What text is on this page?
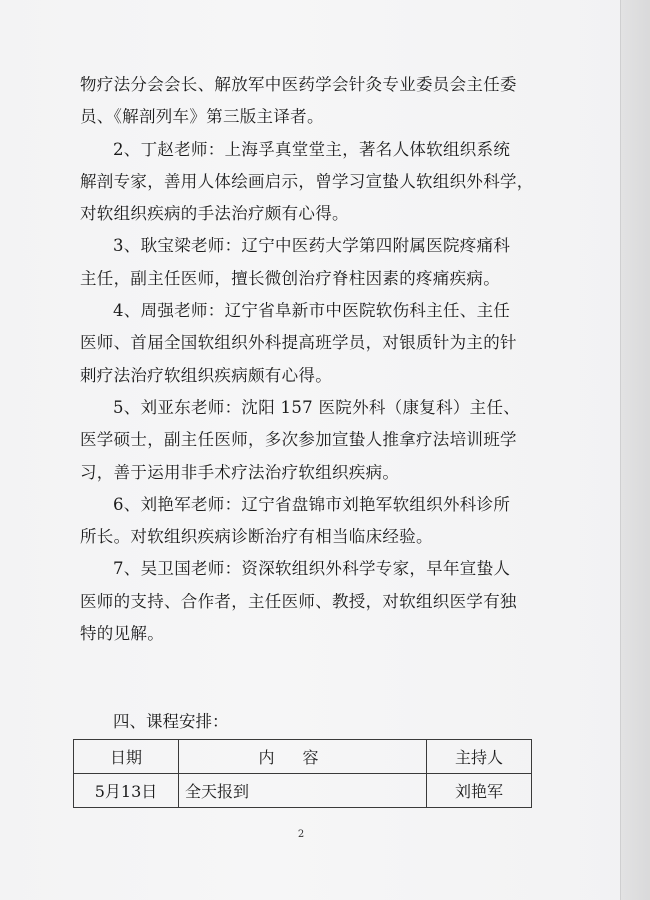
物疗法分会会长、解放军中医药学会针灸专业委员会主任委
员、《解剖列车》第三版主译者。

2、丁赵老师：上海孚真堂堂主，著名人体软组织系统
解剖专家，善用人体绘画启示，曾学习宣蛰人软组织外科学，
对软组织疾病的手法治疗颇有心得。

3、耿宝梁老师：辽宁中医药大学第四附属医院疼痛科
主任，副主任医师，擅长微创治疗脊柱因素的疼痛疾病。

4、周强老师：辽宁省阜新市中医院软伤科主任、主任
医师、首届全国软组织外科提高班学员，对银质针为主的针
刺疗法治疗软组织疾病颇有心得。

5、刘亚东老师：沈阳 157 医院外科（康复科）主任、
医学硕士，副主任医师，多次参加宣蛰人推拿疗法培训班学
习，善于运用非手术疗法治疗软组织疾病。

6、刘艳军老师：辽宁省盘锦市刘艳军软组织外科诊所
所长。对软组织疾病诊断治疗有相当临床经验。

7、吴卫国老师：资深软组织外科学专家，早年宣蛰人
医师的支持、合作者，主任医师、教授，对软组织医学有独
特的见解。

四、课程安排：
日期	内容	主持人
5月13日	全天报到	刘艳军
2
